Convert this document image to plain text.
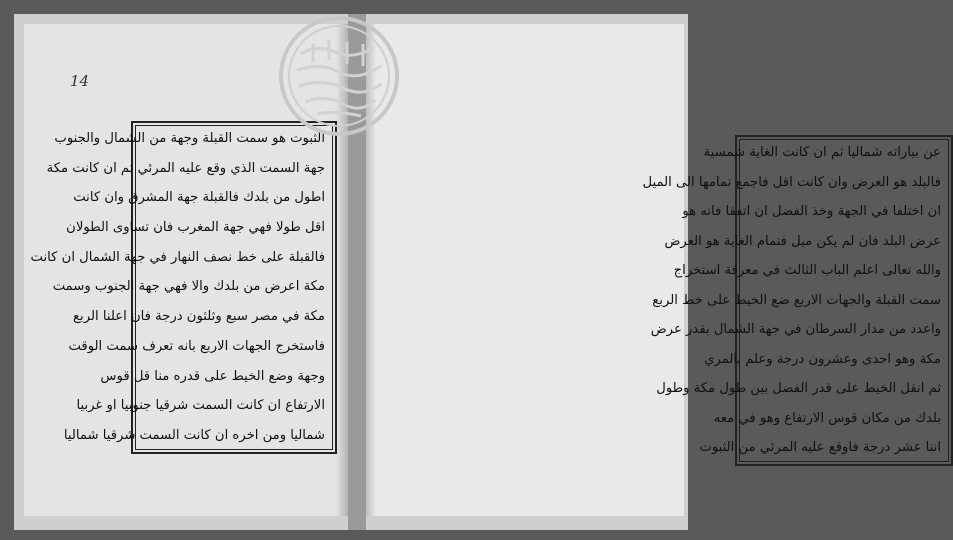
14
الثبوت هو سمت القبلة وجهة من الشمال والجنوب
جهة السمت الذي وقع عليه المرئي ثم ان كانت مكة
اطول من بلدك فالقبلة جهة المشرق وان كانت
اقل طولا فهي جهة المغرب فان تساوى الطولان
فالقبلة على خط نصف النهار في جهة الشمال ان كانت
مكة اعرض من بلدك والا فهي جهة الجنوب وسمت
مكة في مصر سبع وثلثون درجة فان اعلنا الربع
فاستخرج الجهات الاربع بانه تعرف سمت الوقت
وجهة وضع الخيط على قدره منا قل قوس
الارتفاع ان كانت السمت شرقيا جنوبيا او غربيا
شماليا ومن اخره ان كانت السمت شرقيا شماليا
عن بياراته شماليا ثم ان كانت الغاية شمسية
فالبلد هو العرض وان كانت اقل فاجمع تمامها الى الميل
ان اختلفا في الجهة وخذ الفضل ان اتفقا فانه هو
عرض البلد فان لم يكن ميل فتمام الغاية هو العرض
والله تعالى اعلم الباب الثالث في معرفة استخراج
سمت القبلة والجهات الاربع ضع الخيط على خط الربع
واعدد من مدار السرطان في جهة الشمال بقدر عرض
مكة وهو احدى وعشرون درجة وعلم بالمري
ثم انقل الخيط على قدر الفضل بين طول مكة وطول
بلدك من مكان قوس الارتفاع وهو في معه
انتا عشر درجة فاوقع عليه المرئي من الثبوت
